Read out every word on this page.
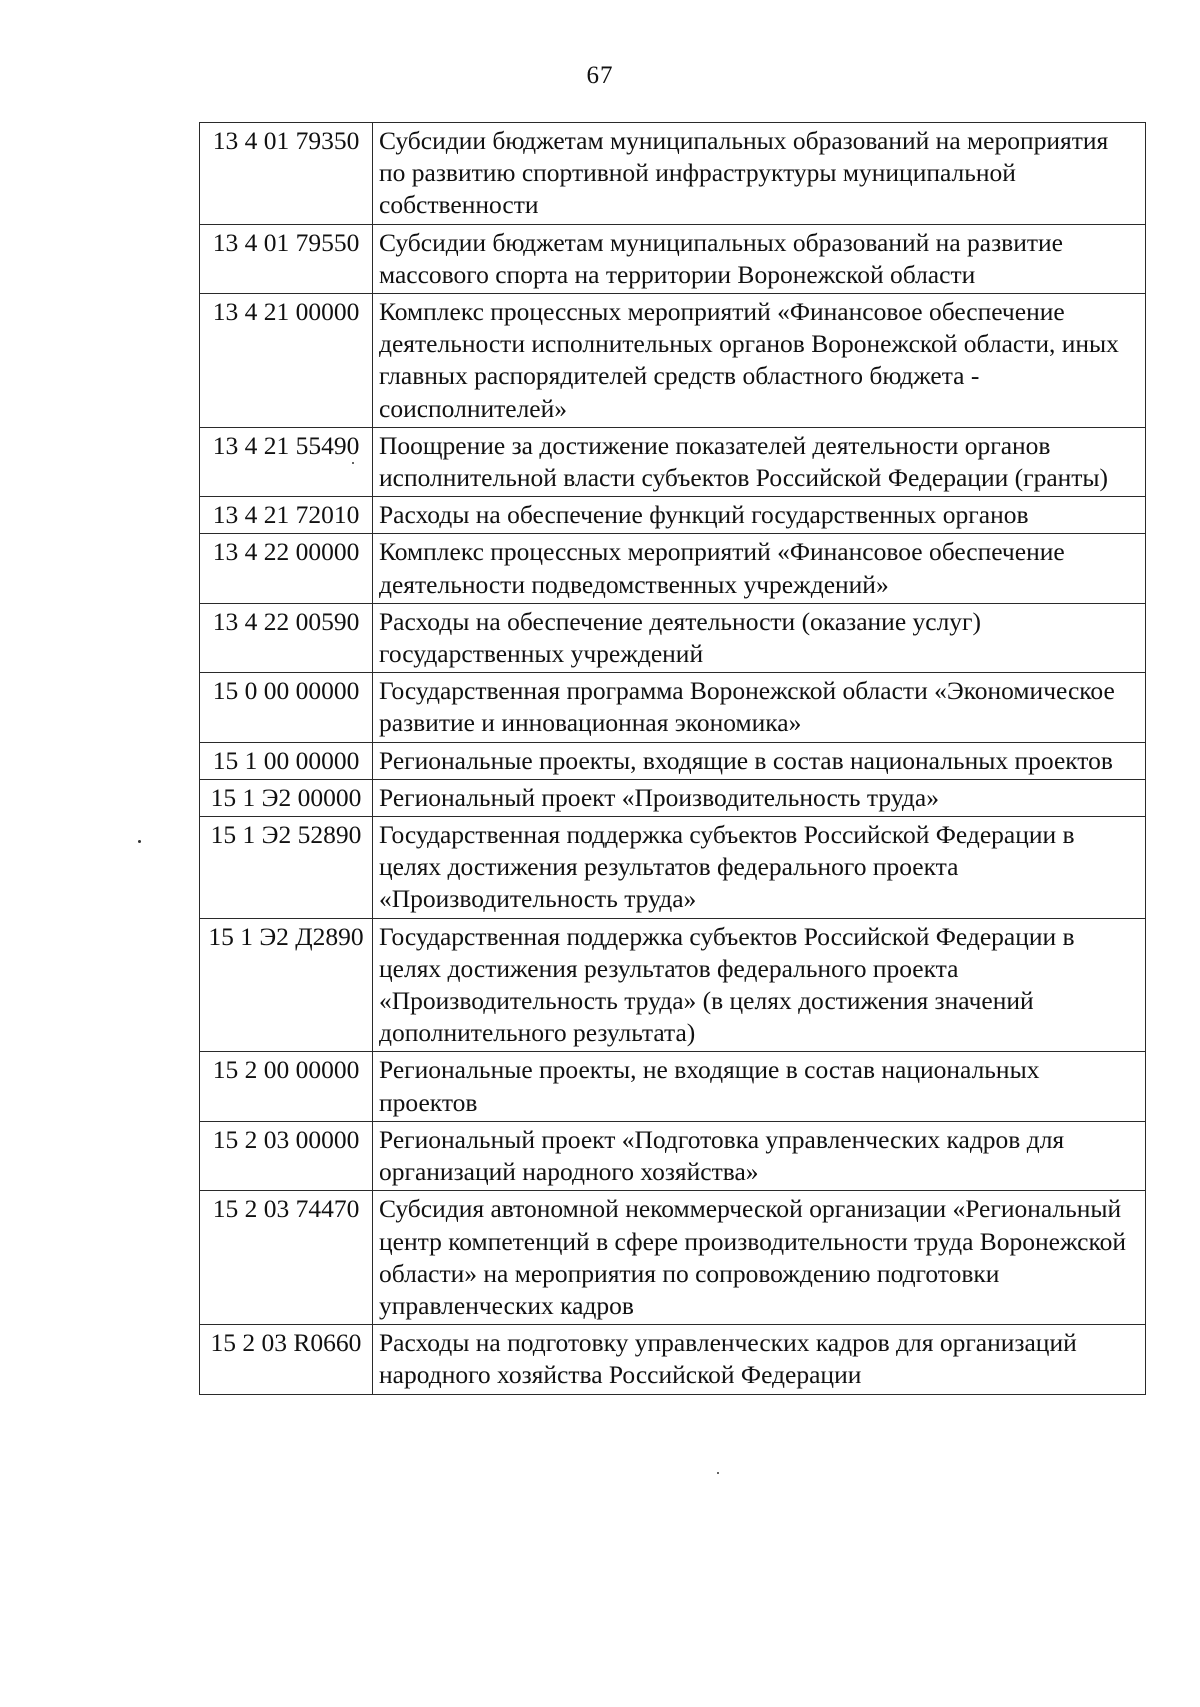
67
13 4 01 79350	Субсидии бюджетам муниципальных образований на мероприятия по развитию спортивной инфраструктуры муниципальной собственности
13 4 01 79550	Субсидии бюджетам муниципальных образований на развитие массового спорта на территории Воронежской области
13 4 21 00000	Комплекс процессных мероприятий «Финансовое обеспечение деятельности исполнительных органов Воронежской области, иных главных распорядителей средств областного бюджета - соисполнителей»
13 4 21 55490	Поощрение за достижение показателей деятельности органов исполнительной власти субъектов Российской Федерации (гранты)
13 4 21 72010	Расходы на обеспечение функций государственных органов
13 4 22 00000	Комплекс процессных мероприятий «Финансовое обеспечение деятельности подведомственных учреждений»
13 4 22 00590	Расходы на обеспечение деятельности (оказание услуг) государственных учреждений
15 0 00 00000	Государственная программа Воронежской области «Экономическое развитие и инновационная экономика»
15 1 00 00000	Региональные проекты, входящие в состав национальных проектов
15 1 Э2 00000	Региональный проект «Производительность труда»
15 1 Э2 52890	Государственная поддержка субъектов Российской Федерации в целях достижения результатов федерального проекта «Производительность труда»
15 1 Э2 Д2890	Государственная поддержка субъектов Российской Федерации в целях достижения результатов федерального проекта «Производительность труда» (в целях достижения значений дополнительного результата)
15 2 00 00000	Региональные проекты, не входящие в состав национальных проектов
15 2 03 00000	Региональный проект «Подготовка управленческих кадров для организаций народного хозяйства»
15 2 03 74470	Субсидия автономной некоммерческой организации «Региональный центр компетенций в сфере производительности труда Воронежской области» на мероприятия по сопровождению подготовки управленческих кадров
15 2 03 R0660	Расходы на подготовку управленческих кадров для организаций народного хозяйства Российской Федерации
